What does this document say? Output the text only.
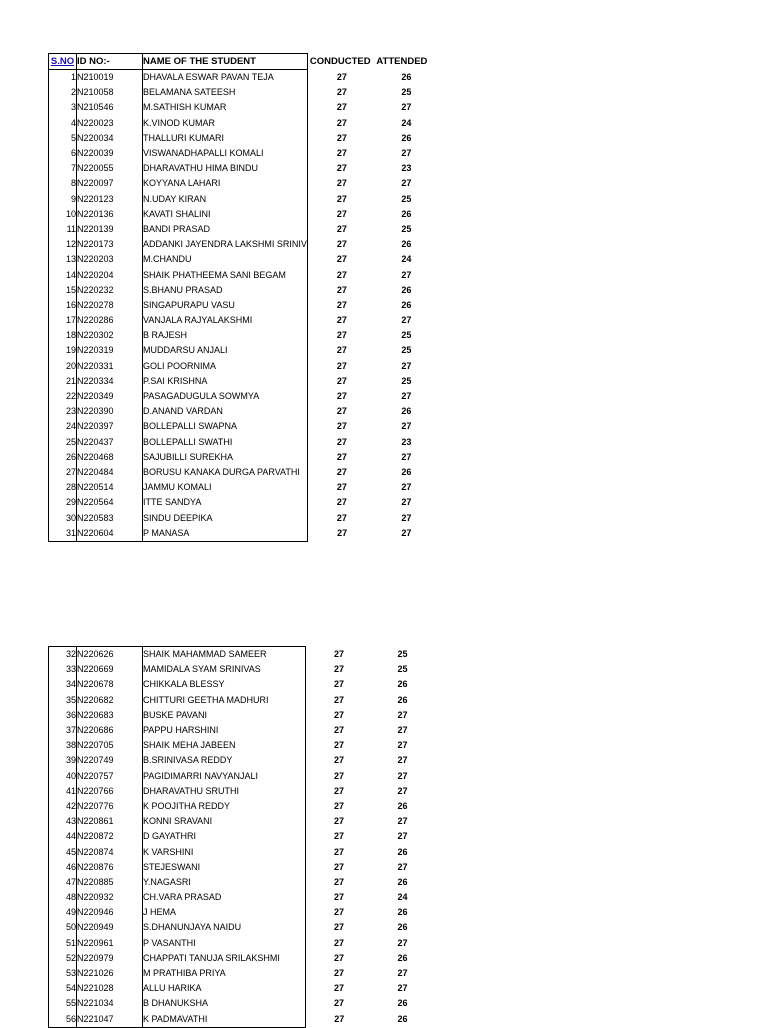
S.NO	ID NO:-	NAME OF THE STUDENT	CONDUCTED	ATTENDED
1	N210019	DHAVALA ESWAR PAVAN TEJA	27	26
2	N210058	BELAMANA SATEESH	27	25
3	N210546	M.SATHISH KUMAR	27	27
4	N220023	K.VINOD KUMAR	27	24
5	N220034	THALLURI KUMARI	27	26
6	N220039	VISWANADHAPALLI KOMALI	27	27
7	N220055	DHARAVATHU HIMA BINDU	27	23
8	N220097	KOYYANA LAHARI	27	27
9	N220123	N.UDAY KIRAN	27	25
10	N220136	KAVATI SHALINI	27	26
11	N220139	BANDI PRASAD	27	25
12	N220173	ADDANKI JAYENDRA LAKSHMI SRINIV	27	26
13	N220203	M.CHANDU	27	24
14	N220204	SHAIK PHATHEEMA SANI BEGAM	27	27
15	N220232	S.BHANU PRASAD	27	26
16	N220278	SINGAPURAPU VASU	27	26
17	N220286	VANJALA RAJYALAKSHMI	27	27
18	N220302	B RAJESH	27	25
19	N220319	MUDDARSU ANJALI	27	25
20	N220331	GOLI POORNIMA	27	27
21	N220334	P.SAI KRISHNA	27	25
22	N220349	PASAGADUGULA SOWMYA	27	27
23	N220390	D.ANAND VARDAN	27	26
24	N220397	BOLLEPALLI SWAPNA	27	27
25	N220437	BOLLEPALLI SWATHI	27	23
26	N220468	SAJUBILLI SUREKHA	27	27
27	N220484	BORUSU KANAKA DURGA PARVATHI	27	26
28	N220514	JAMMU KOMALI	27	27
29	N220564	ITTE SANDYA	27	27
30	N220583	SINDU DEEPIKA	27	27
31	N220604	P MANASA	27	27
32	N220626	SHAIK MAHAMMAD SAMEER	27	25
33	N220669	MAMIDALA SYAM SRINIVAS	27	25
34	N220678	CHIKKALA BLESSY	27	26
35	N220682	CHITTURI GEETHA MADHURI	27	26
36	N220683	BUSKE PAVANI	27	27
37	N220686	PAPPU HARSHINI	27	27
38	N220705	SHAIK MEHA JABEEN	27	27
39	N220749	B.SRINIVASA REDDY	27	27
40	N220757	PAGIDIMARRI NAVYANJALI	27	27
41	N220766	DHARAVATHU SRUTHI	27	27
42	N220776	K POOJITHA REDDY	27	26
43	N220861	KONNI SRAVANI	27	27
44	N220872	D GAYATHRI	27	27
45	N220874	K VARSHINI	27	26
46	N220876	STEJESWANI	27	27
47	N220885	Y.NAGASRI	27	26
48	N220932	CH.VARA PRASAD	27	24
49	N220946	J HEMA	27	26
50	N220949	S.DHANUNJAYA NAIDU	27	26
51	N220961	P VASANTHI	27	27
52	N220979	CHAPPATI TANUJA SRILAKSHMI	27	26
53	N221026	M PRATHIBA PRIYA	27	27
54	N221028	ALLU HARIKA	27	27
55	N221034	B DHANUKSHA	27	26
56	N221047	K PADMAVATHI	27	26
